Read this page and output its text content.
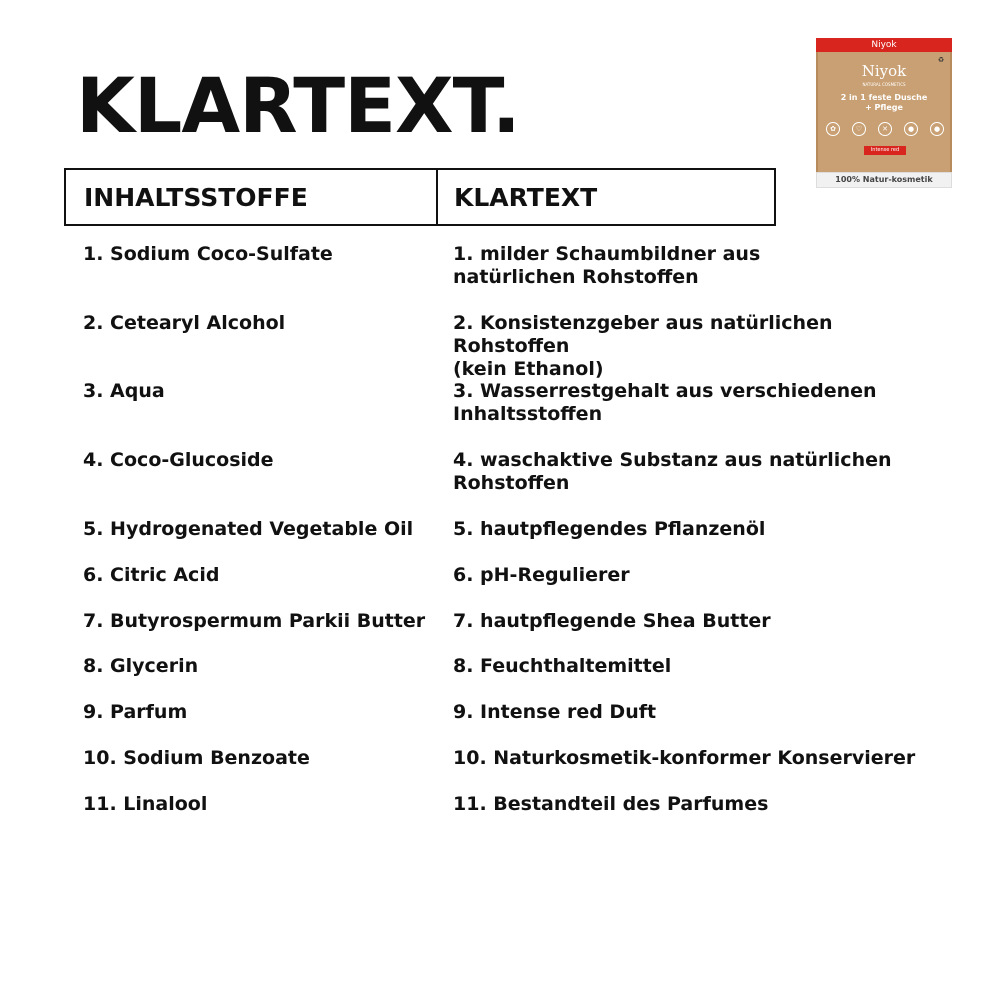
KLARTEXT.
Niyok
Niyok
NATURAL COSMETICS
2 in 1 feste Dusche
+ Pflege
✿	♡	✕	●	●
Intense red
♻
100% Natur-kosmetik
INHALTSSTOFFE	KLARTEXT
1. Sodium Coco-Sulfate	1. milder Schaumbildner aus
natürlichen Rohstoffen
2. Cetearyl Alcohol	2. Konsistenzgeber aus natürlichen Rohstoffen
(kein Ethanol)
3. Aqua	3. Wasserrestgehalt aus verschiedenen
Inhaltsstoffen
4. Coco-Glucoside	4. waschaktive Substanz aus natürlichen
Rohstoffen
5. Hydrogenated Vegetable Oil	5. hautpflegendes Pflanzenöl
6. Citric Acid	6. pH-Regulierer
7. Butyrospermum Parkii Butter	7. hautpflegende Shea Butter
8. Glycerin	8. Feuchthaltemittel
9. Parfum	9. Intense red Duft
10. Sodium Benzoate	10. Naturkosmetik-konformer Konservierer
11. Linalool	11. Bestandteil des Parfumes
